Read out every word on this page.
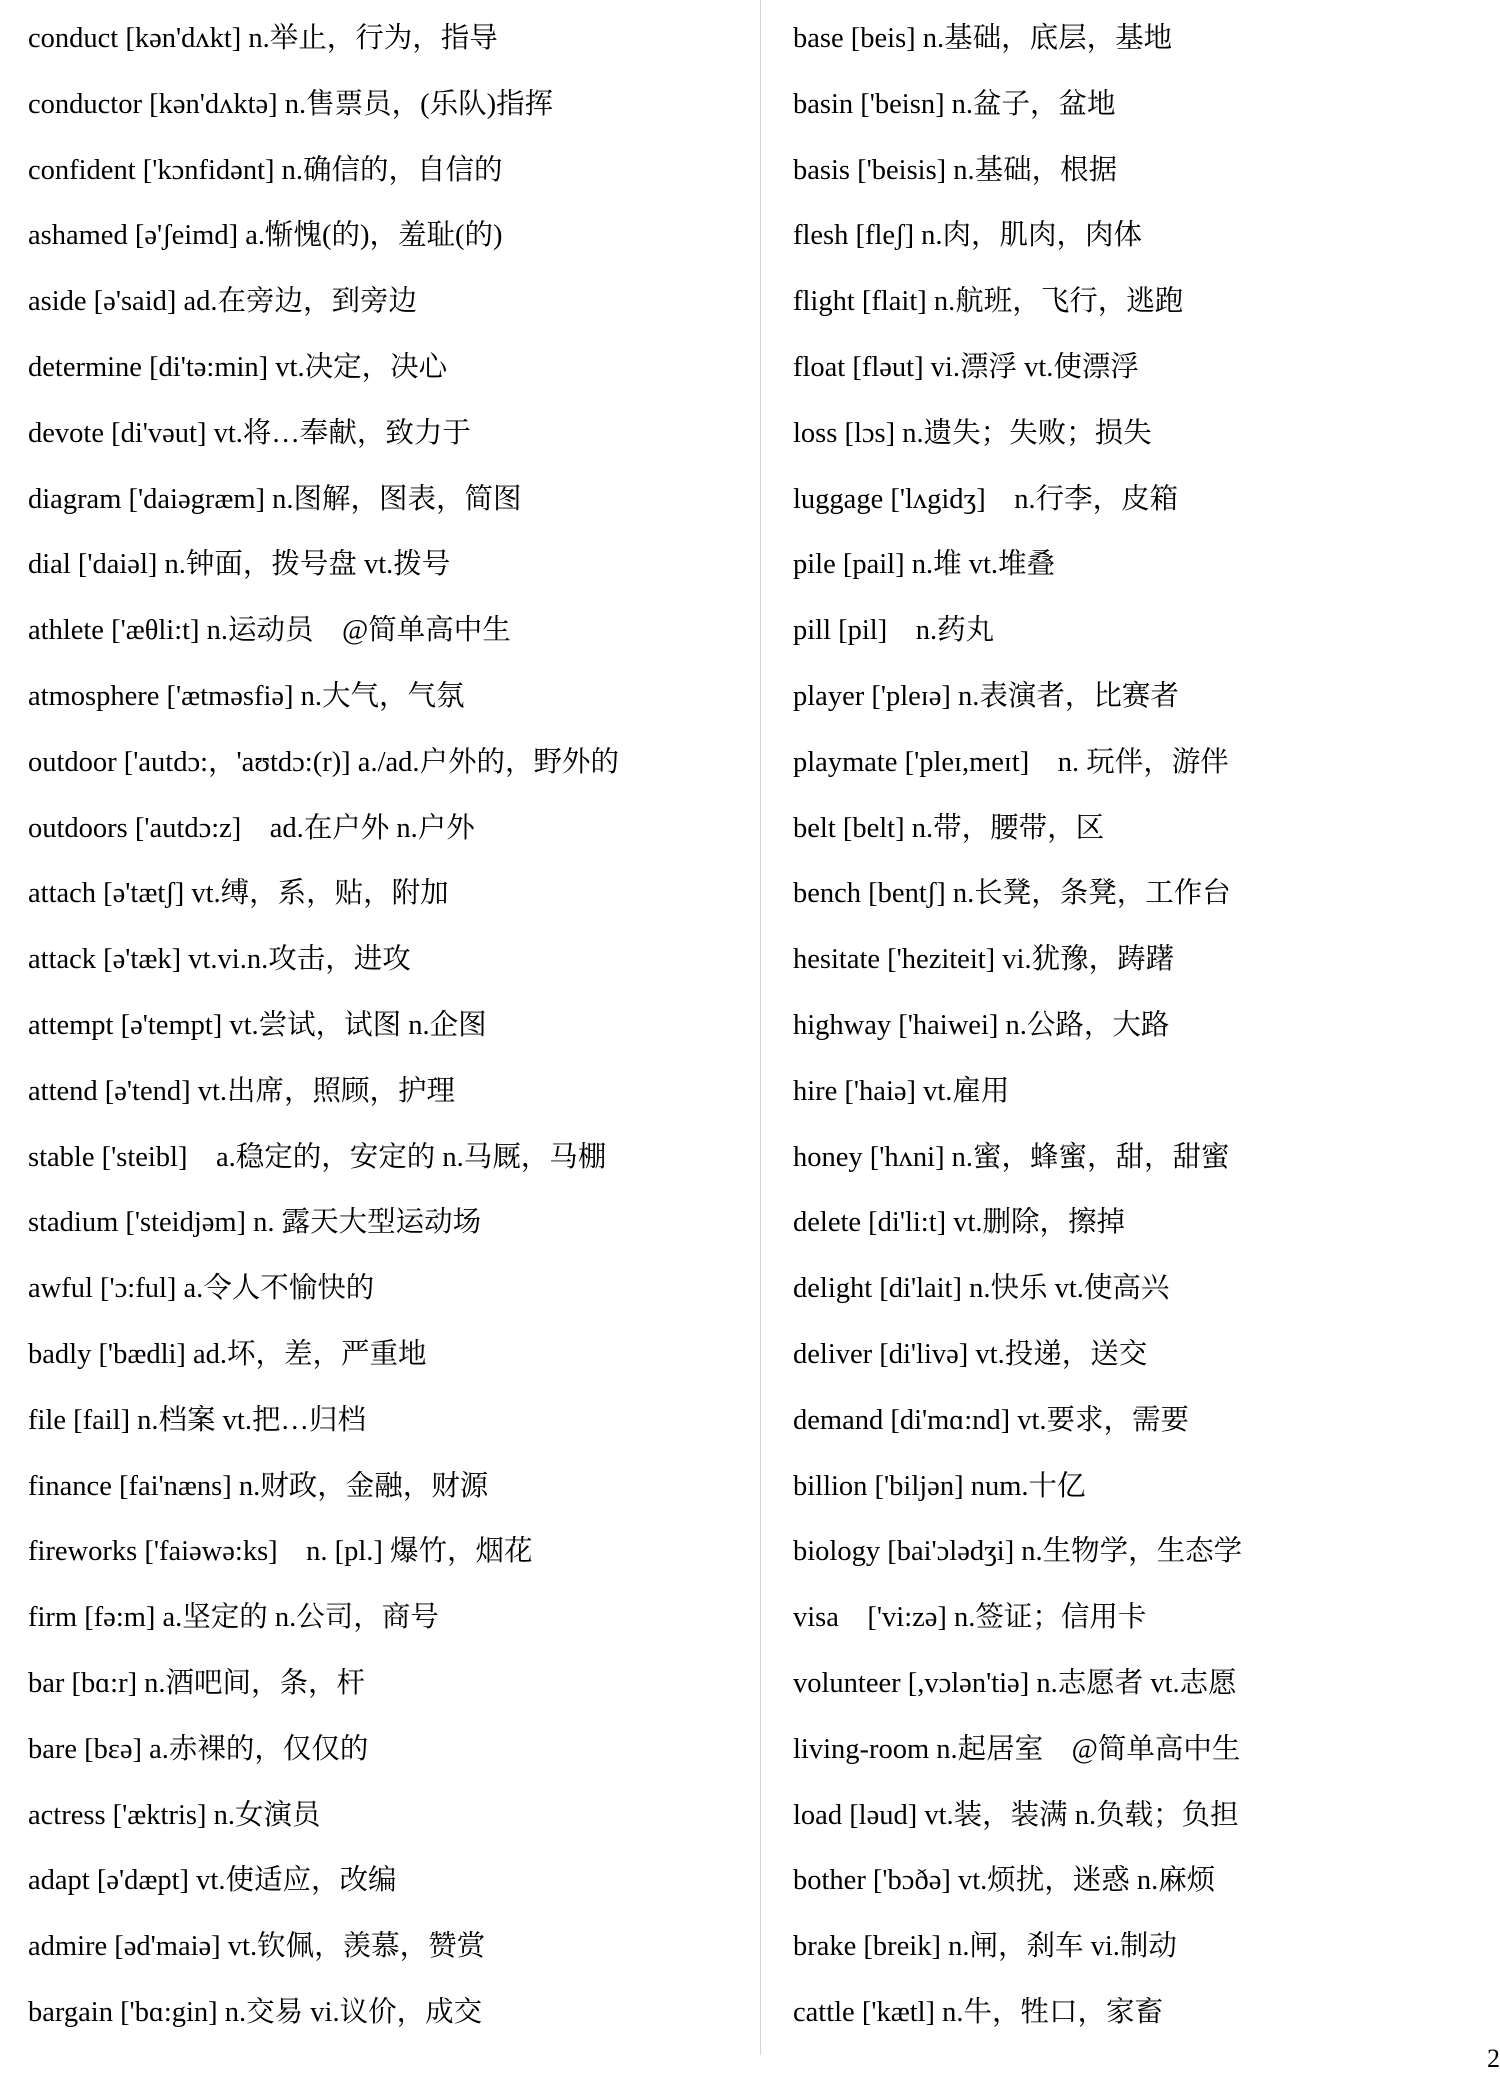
conduct [kən'dʌkt] n.举止，行为，指导
conductor [kən'dʌktə] n.售票员，(乐队)指挥
confident ['kɔnfidənt] n.确信的，自信的
ashamed [ə'ʃeimd] a.惭愧(的)，羞耻(的)
aside [ə'said] ad.在旁边，到旁边
determine [di'tə:min] vt.决定，决心
devote [di'vəut] vt.将…奉献，致力于
diagram ['daiəgræm] n.图解，图表，简图
dial ['daiəl] n.钟面，拨号盘 vt.拨号
athlete ['æθli:t] n.运动员　@简单高中生
atmosphere ['ætməsfiə] n.大气，气氛
outdoor ['autdɔ:，'aʊtdɔ:(r)] a./ad.户外的，野外的
outdoors ['autdɔ:z]　ad.在户外 n.户外
attach [ə'tætʃ] vt.缚，系，贴，附加
attack [ə'tæk] vt.vi.n.攻击，进攻
attempt [ə'tempt] vt.尝试，试图 n.企图
attend [ə'tend] vt.出席，照顾，护理
stable ['steibl]　a.稳定的，安定的 n.马厩，马棚
stadium ['steidjəm] n. 露天大型运动场
awful ['ɔ:ful] a.令人不愉快的
badly ['bædli] ad.坏，差，严重地
file [fail] n.档案 vt.把…归档
finance [fai'næns] n.财政，金融，财源
fireworks ['faiəwə:ks]　n. [pl.] 爆竹，烟花
firm [fə:m] a.坚定的 n.公司，商号
bar [bɑ:r] n.酒吧间，条，杆
bare [bɛə] a.赤裸的，仅仅的
actress ['æktris] n.女演员
adapt [ə'dæpt] vt.使适应，改编
admire [əd'maiə] vt.钦佩，羡慕，赞赏
bargain ['bɑ:gin] n.交易 vi.议价，成交
base [beis] n.基础，底层，基地
basin ['beisn] n.盆子，盆地
basis ['beisis] n.基础，根据
flesh [fleʃ] n.肉，肌肉，肉体
flight [flait] n.航班，飞行，逃跑
float [fləut] vi.漂浮 vt.使漂浮
loss [lɔs] n.遗失；失败；损失
luggage ['lʌgidʒ]　n.行李，皮箱
pile [pail] n.堆 vt.堆叠
pill [pil]　n.药丸
player ['pleɪə] n.表演者，比赛者
playmate ['pleɪ,meɪt]　n. 玩伴，游伴
belt [belt] n.带，腰带，区
bench [bentʃ] n.长凳，条凳，工作台
hesitate ['heziteit] vi.犹豫，踌躇
highway ['haiwei] n.公路，大路
hire ['haiə] vt.雇用
honey ['hʌni] n.蜜，蜂蜜，甜，甜蜜
delete [di'li:t] vt.删除，擦掉
delight [di'lait] n.快乐 vt.使高兴
deliver [di'livə] vt.投递，送交
demand [di'mɑ:nd] vt.要求，需要
billion ['biljən] num.十亿
biology [bai'ɔlədʒi] n.生物学，生态学
visa　['vi:zə] n.签证；信用卡
volunteer [,vɔlən'tiə] n.志愿者 vt.志愿
living-room n.起居室　@简单高中生
load [ləud] vt.装，装满 n.负载；负担
bother ['bɔðə] vt.烦扰，迷惑 n.麻烦
brake [breik] n.闸，刹车 vi.制动
cattle ['kætl] n.牛，牲口，家畜
2
